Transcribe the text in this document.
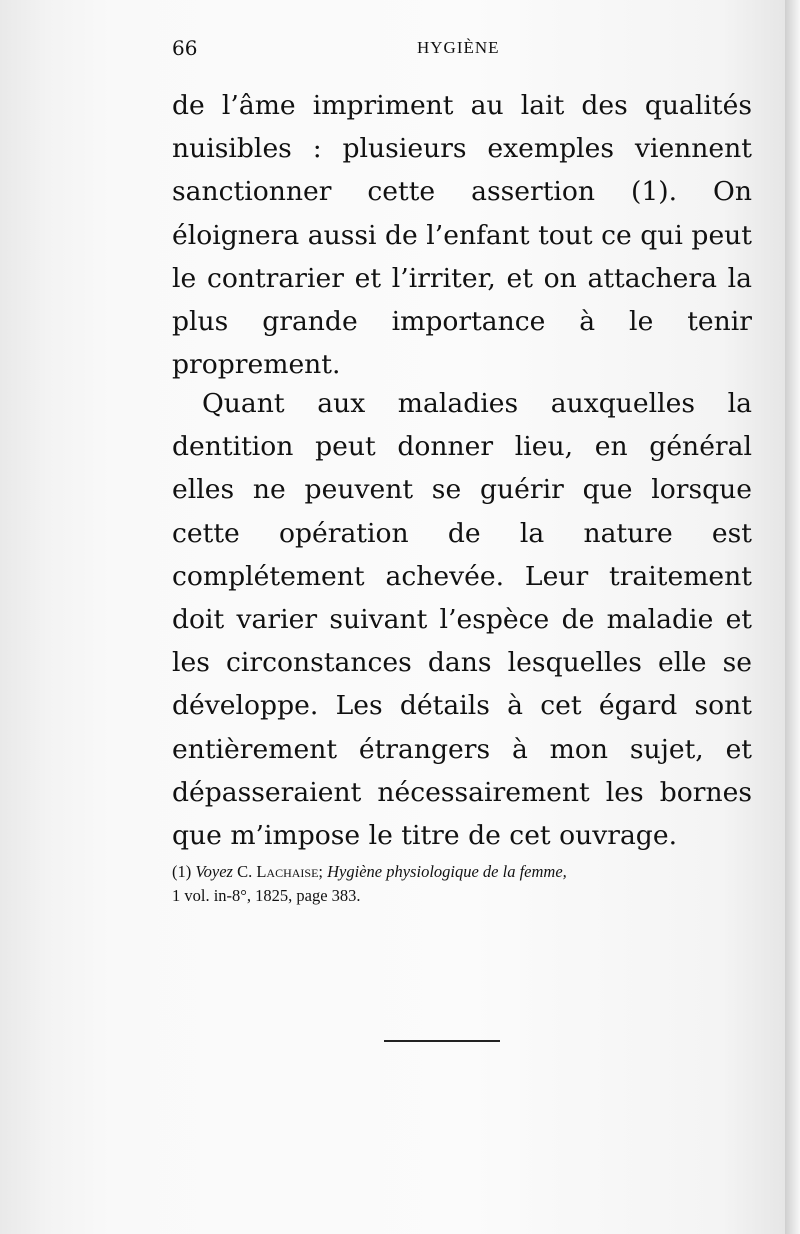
66	HYGIÈNE

de l’âme impriment au lait des qualités nuisibles : plusieurs exemples viennent sanctionner cette assertion (1). On éloignera aussi de l’enfant tout ce qui peut le contrarier et l’irriter, et on attachera la plus grande importance à le tenir proprement.

Quant aux maladies auxquelles la dentition peut donner lieu, en général elles ne peuvent se guérir que lorsque cette opération de la nature est complétement achevée. Leur traitement doit varier suivant l’espèce de maladie et les circonstances dans lesquelles elle se développe. Les détails à cet égard sont entièrement étrangers à mon sujet, et dépasseraient nécessairement les bornes que m’impose le titre de cet ouvrage.

(1) Voyez C. Lachaise; Hygiène physiologique de la femme,
1 vol. in-8°, 1825, page 383.
